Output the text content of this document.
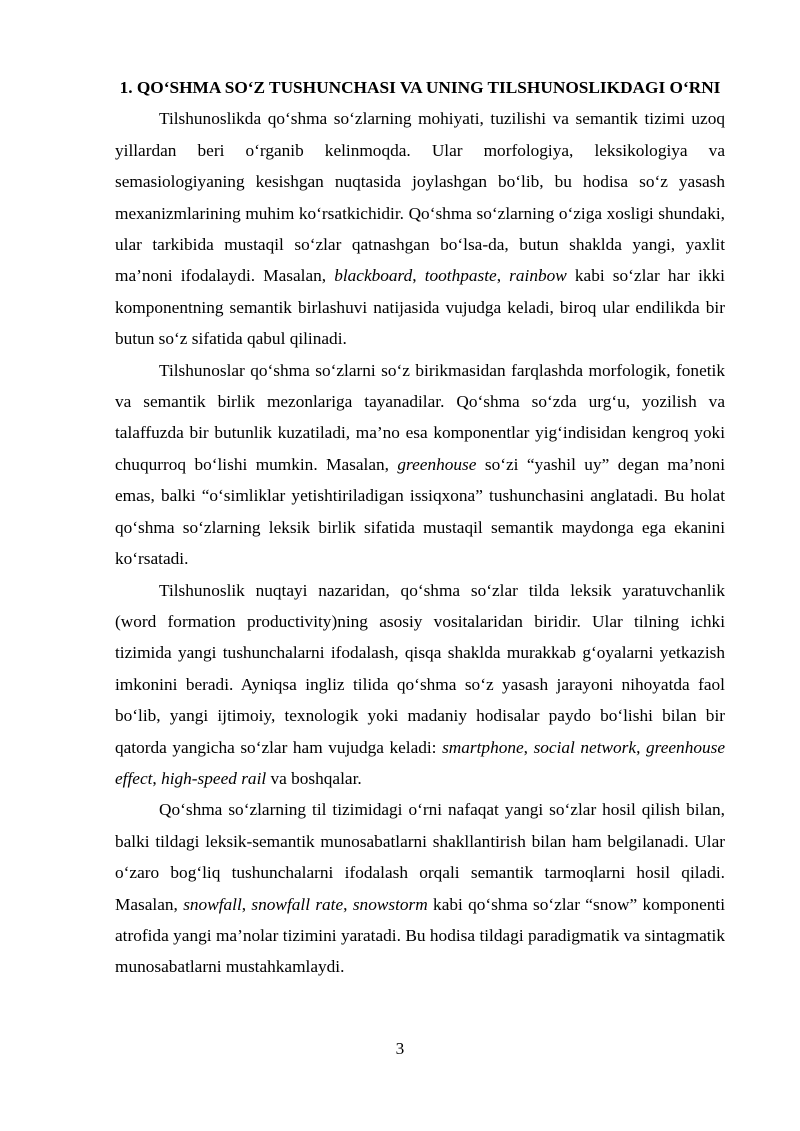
1. QO‘SHMA SO‘Z TUSHUNCHASI VA UNING TILSHUNOSLIKDAGI O‘RNI

Tilshunoslikda qo‘shma so‘zlarning mohiyati, tuzilishi va semantik tizimi uzoq yillardan beri o‘rganib kelinmoqda. Ular morfologiya, leksikologiya va semasiologiyaning kesishgan nuqtasida joylashgan bo‘lib, bu hodisa so‘z yasash mexanizmlarining muhim ko‘rsatkichidir. Qo‘shma so‘zlarning o‘ziga xosligi shundaki, ular tarkibida mustaqil so‘zlar qatnashgan bo‘lsa-da, butun shaklda yangi, yaxlit ma’noni ifodalaydi. Masalan, blackboard, toothpaste, rainbow kabi so‘zlar har ikki komponentning semantik birlashuvi natijasida vujudga keladi, biroq ular endilikda bir butun so‘z sifatida qabul qilinadi.

Tilshunoslar qo‘shma so‘zlarni so‘z birikmasidan farqlashda morfologik, fonetik va semantik birlik mezonlariga tayanadilar. Qo‘shma so‘zda urg‘u, yozilish va talaffuzda bir butunlik kuzatiladi, ma’no esa komponentlar yig‘indisidan kengroq yoki chuqurroq bo‘lishi mumkin. Masalan, greenhouse so‘zi “yashil uy” degan ma’noni emas, balki “o‘simliklar yetishtiriladigan issiqxona” tushunchasini anglatadi. Bu holat qo‘shma so‘zlarning leksik birlik sifatida mustaqil semantik maydonga ega ekanini ko‘rsatadi.

Tilshunoslik nuqtayi nazaridan, qo‘shma so‘zlar tilda leksik yaratuvchanlik (word formation productivity)ning asosiy vositalaridan biridir. Ular tilning ichki tizimida yangi tushunchalarni ifodalash, qisqa shaklda murakkab g‘oyalarni yetkazish imkonini beradi. Ayniqsa ingliz tilida qo‘shma so‘z yasash jarayoni nihoyatda faol bo‘lib, yangi ijtimoiy, texnologik yoki madaniy hodisalar paydo bo‘lishi bilan bir qatorda yangicha so‘zlar ham vujudga keladi: smartphone, social network, greenhouse effect, high-speed rail va boshqalar.

Qo‘shma so‘zlarning til tizimidagi o‘rni nafaqat yangi so‘zlar hosil qilish bilan, balki tildagi leksik-semantik munosabatlarni shakllantirish bilan ham belgilanadi. Ular o‘zaro bog‘liq tushunchalarni ifodalash orqali semantik tarmoqlarni hosil qiladi. Masalan, snowfall, snowfall rate, snowstorm kabi qo‘shma so‘zlar “snow” komponenti atrofida yangi ma’nolar tizimini yaratadi. Bu hodisa tildagi paradigmatik va sintagmatik munosabatlarni mustahkamlaydi.

3
